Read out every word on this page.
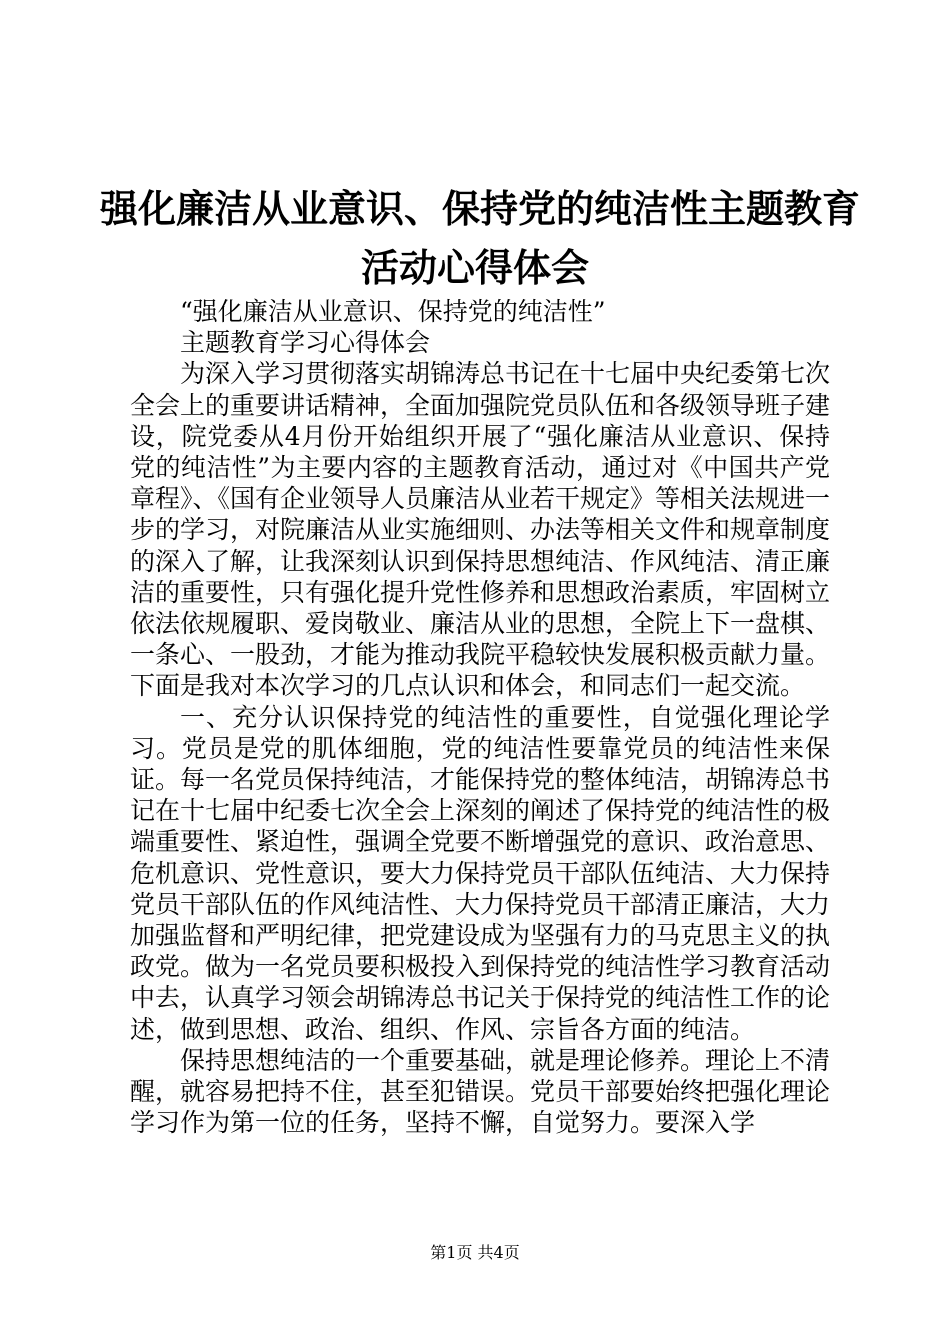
强化廉洁从业意识、保持党的纯洁性主题教育
活动心得体会

“强化廉洁从业意识、保持党的纯洁性”

主题教育学习心得体会

为深入学习贯彻落实胡锦涛总书记在十七届中央纪委第七次全会上的重要讲话精神，全面加强院党员队伍和各级领导班子建设，院党委从4月份开始组织开展了“强化廉洁从业意识、保持党的纯洁性”为主要内容的主题教育活动，通过对《中国共产党章程》、《国有企业领导人员廉洁从业若干规定》等相关法规进一步的学习，对院廉洁从业实施细则、办法等相关文件和规章制度的深入了解，让我深刻认识到保持思想纯洁、作风纯洁、清正廉洁的重要性，只有强化提升党性修养和思想政治素质，牢固树立依法依规履职、爱岗敬业、廉洁从业的思想，全院上下一盘棋、一条心、一股劲，才能为推动我院平稳较快发展积极贡献力量。下面是我对本次学习的几点认识和体会，和同志们一起交流。

一、充分认识保持党的纯洁性的重要性，自觉强化理论学习。党员是党的肌体细胞，党的纯洁性要靠党员的纯洁性来保证。每一名党员保持纯洁，才能保持党的整体纯洁，胡锦涛总书记在十七届中纪委七次全会上深刻的阐述了保持党的纯洁性的极端重要性、紧迫性，强调全党要不断增强党的意识、政治意思、危机意识、党性意识，要大力保持党员干部队伍纯洁、大力保持党员干部队伍的作风纯洁性、大力保持党员干部清正廉洁，大力加强监督和严明纪律，把党建设成为坚强有力的马克思主义的执政党。做为一名党员要积极投入到保持党的纯洁性学习教育活动中去，认真学习领会胡锦涛总书记关于保持党的纯洁性工作的论述，做到思想、政治、组织、作风、宗旨各方面的纯洁。

保持思想纯洁的一个重要基础，就是理论修养。理论上不清醒，就容易把持不住，甚至犯错误。党员干部要始终把强化理论学习作为第一位的任务，坚持不懈，自觉努力。要深入学

第1页 共4页
